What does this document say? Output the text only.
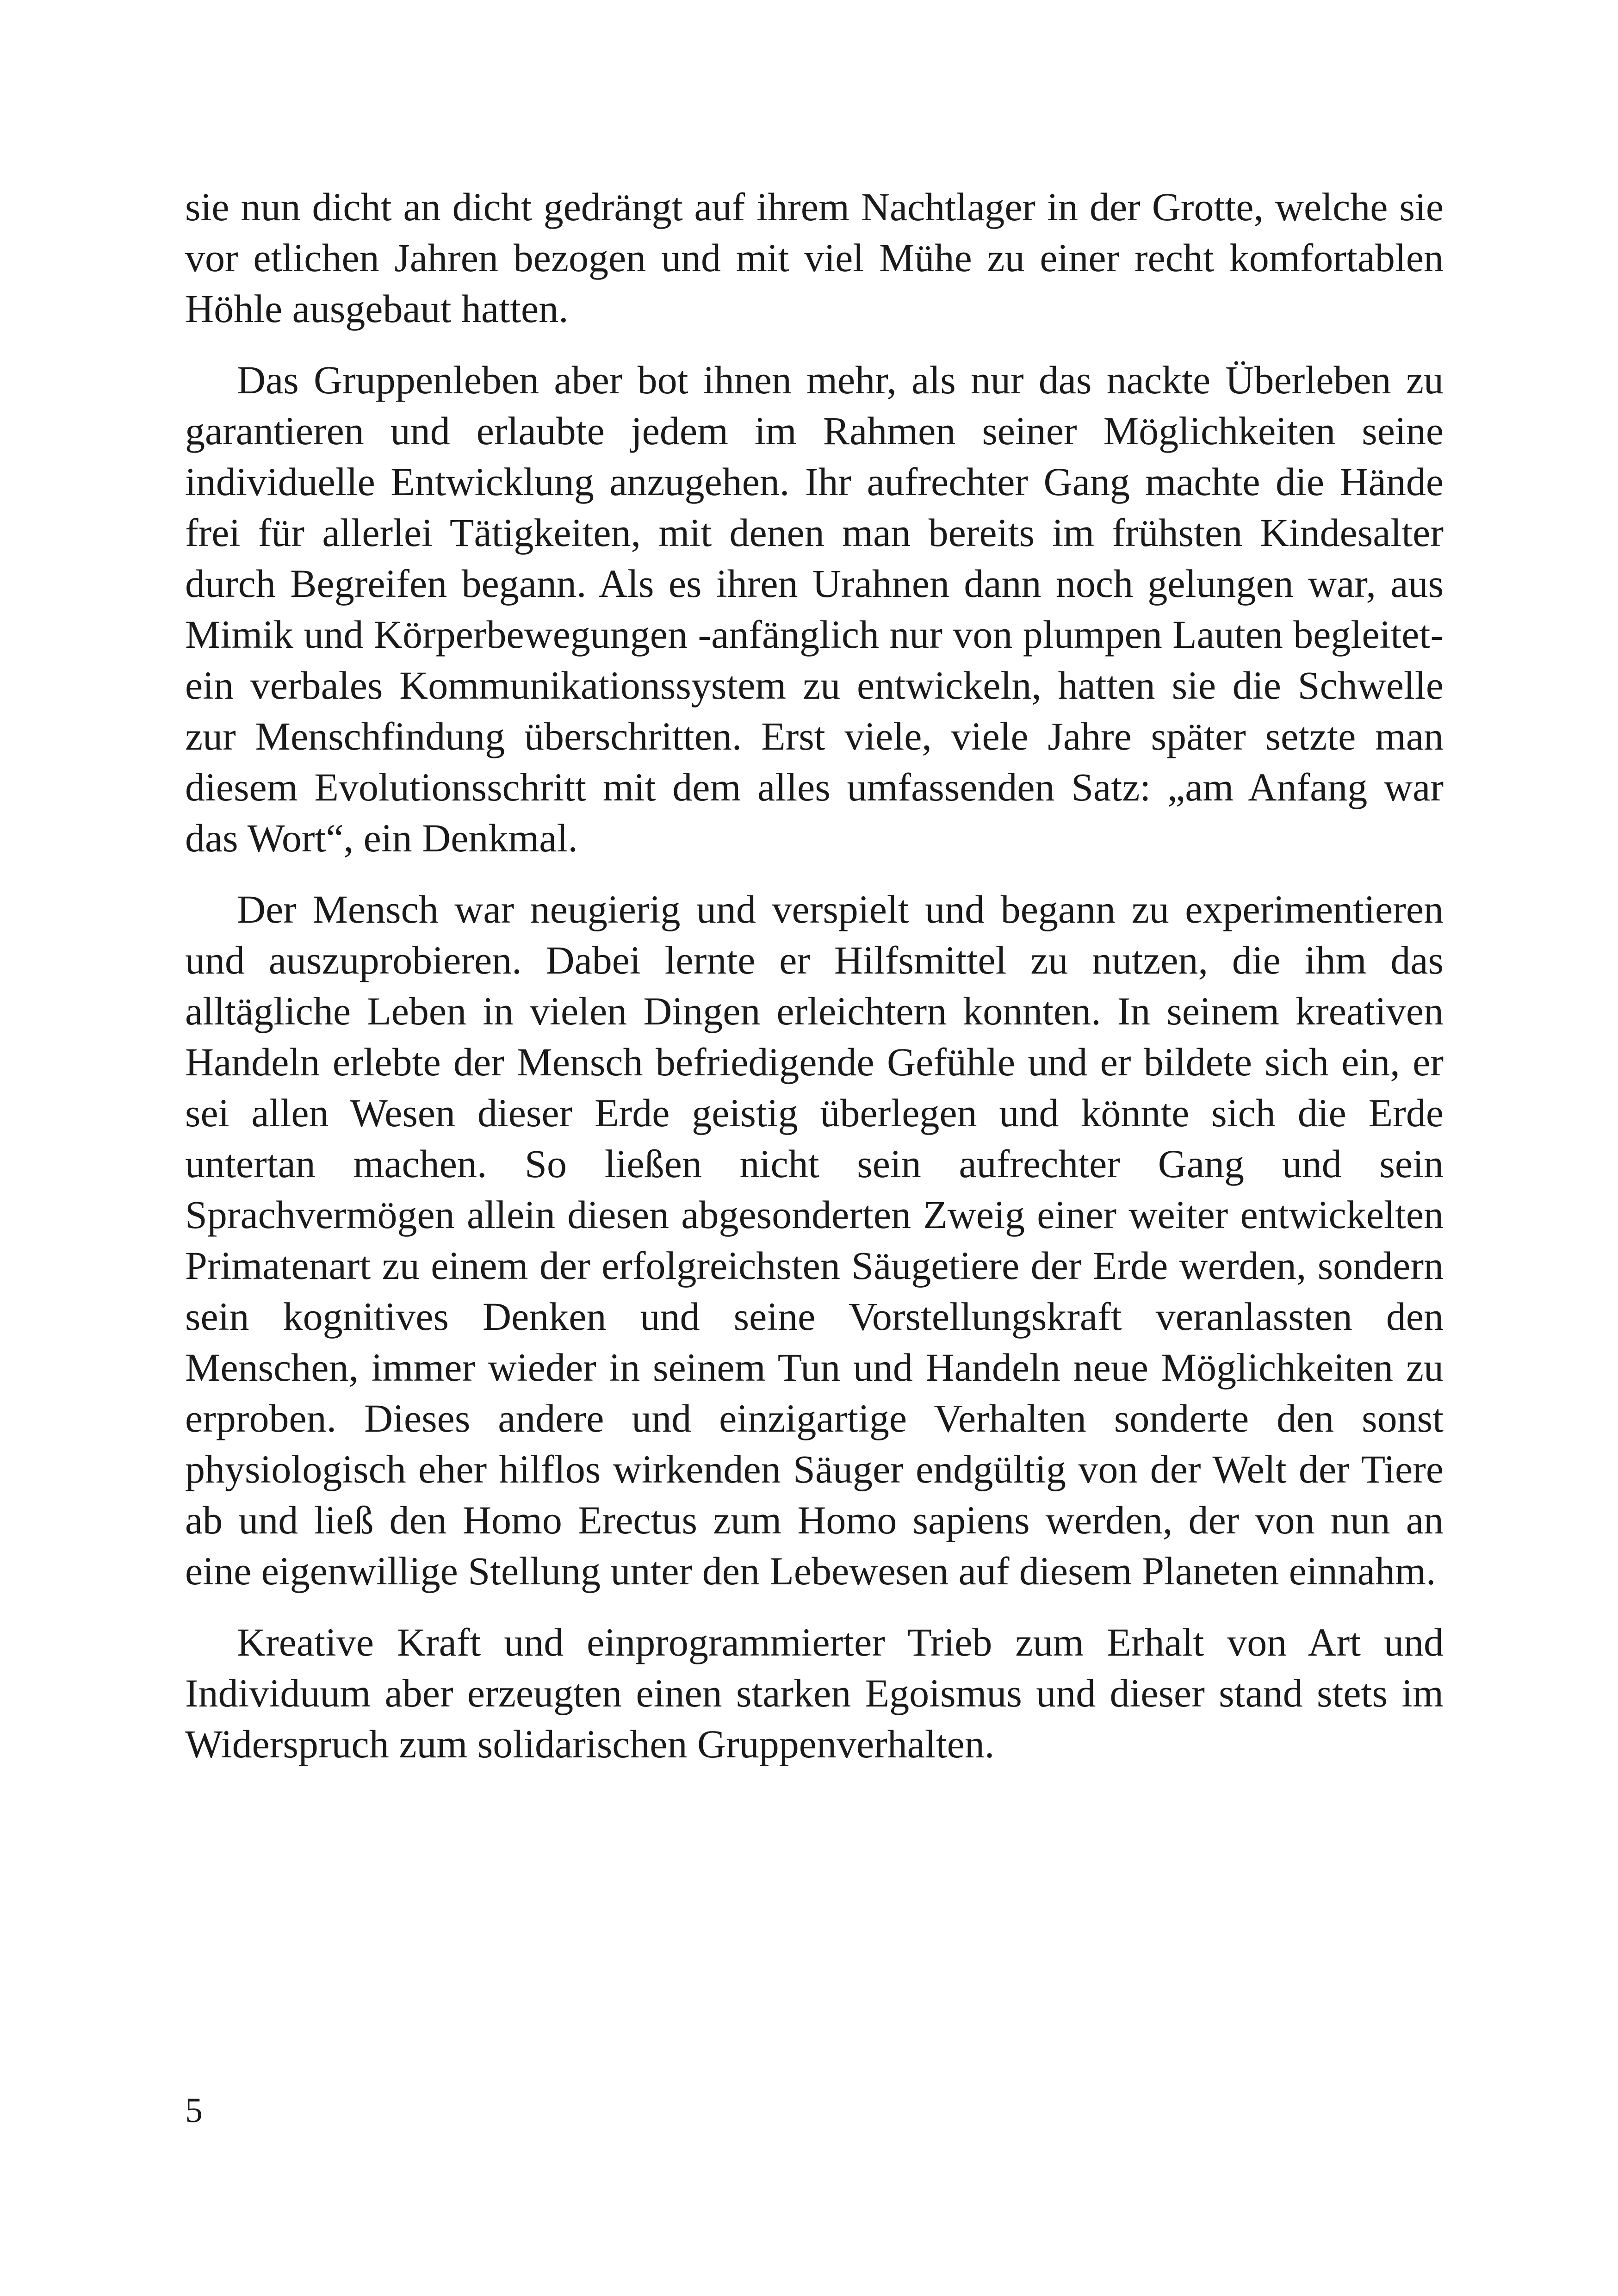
sie nun dicht an dicht gedrängt auf ihrem Nachtlager in der Grotte, welche sie vor etlichen Jahren bezogen und mit viel Mühe zu einer recht komfortablen Höhle ausgebaut hatten.

Das Gruppenleben aber bot ihnen mehr, als nur das nackte Überleben zu garantieren und erlaubte jedem im Rahmen seiner Möglichkeiten seine individuelle Entwicklung anzugehen. Ihr aufrechter Gang machte die Hände frei für allerlei Tätigkeiten, mit denen man bereits im frühsten Kindesalter durch Begreifen begann. Als es ihren Urahnen dann noch gelungen war, aus Mimik und Körperbewegungen -anfänglich nur von plumpen Lauten begleitet- ein verbales Kommunikationssystem zu entwickeln, hatten sie die Schwelle zur Menschfindung überschritten. Erst viele, viele Jahre später setzte man diesem Evolutionsschritt mit dem alles umfassenden Satz: „am Anfang war das Wort“, ein Denkmal.

Der Mensch war neugierig und verspielt und begann zu experimentieren und auszuprobieren. Dabei lernte er Hilfsmittel zu nutzen, die ihm das alltägliche Leben in vielen Dingen erleichtern konnten. In seinem kreativen Handeln erlebte der Mensch befriedigende Gefühle und er bildete sich ein, er sei allen Wesen dieser Erde geistig überlegen und könnte sich die Erde untertan machen. So ließen nicht sein aufrechter Gang und sein Sprachvermögen allein diesen abgesonderten Zweig einer weiter entwickelten Primatenart zu einem der erfolgreichsten Säugetiere der Erde werden, sondern sein kognitives Denken und seine Vorstellungskraft veranlassten den Menschen, immer wieder in seinem Tun und Handeln neue Möglichkeiten zu erproben. Dieses andere und einzigartige Verhalten sonderte den sonst physiologisch eher hilflos wirkenden Säuger endgültig von der Welt der Tiere ab und ließ den Homo Erectus zum Homo sapiens werden, der von nun an eine eigenwillige Stellung unter den Lebewesen auf diesem Planeten einnahm.

Kreative Kraft und einprogrammierter Trieb zum Erhalt von Art und Individuum aber erzeugten einen starken Egoismus und dieser stand stets im Widerspruch zum solidarischen Gruppenverhalten.

5
